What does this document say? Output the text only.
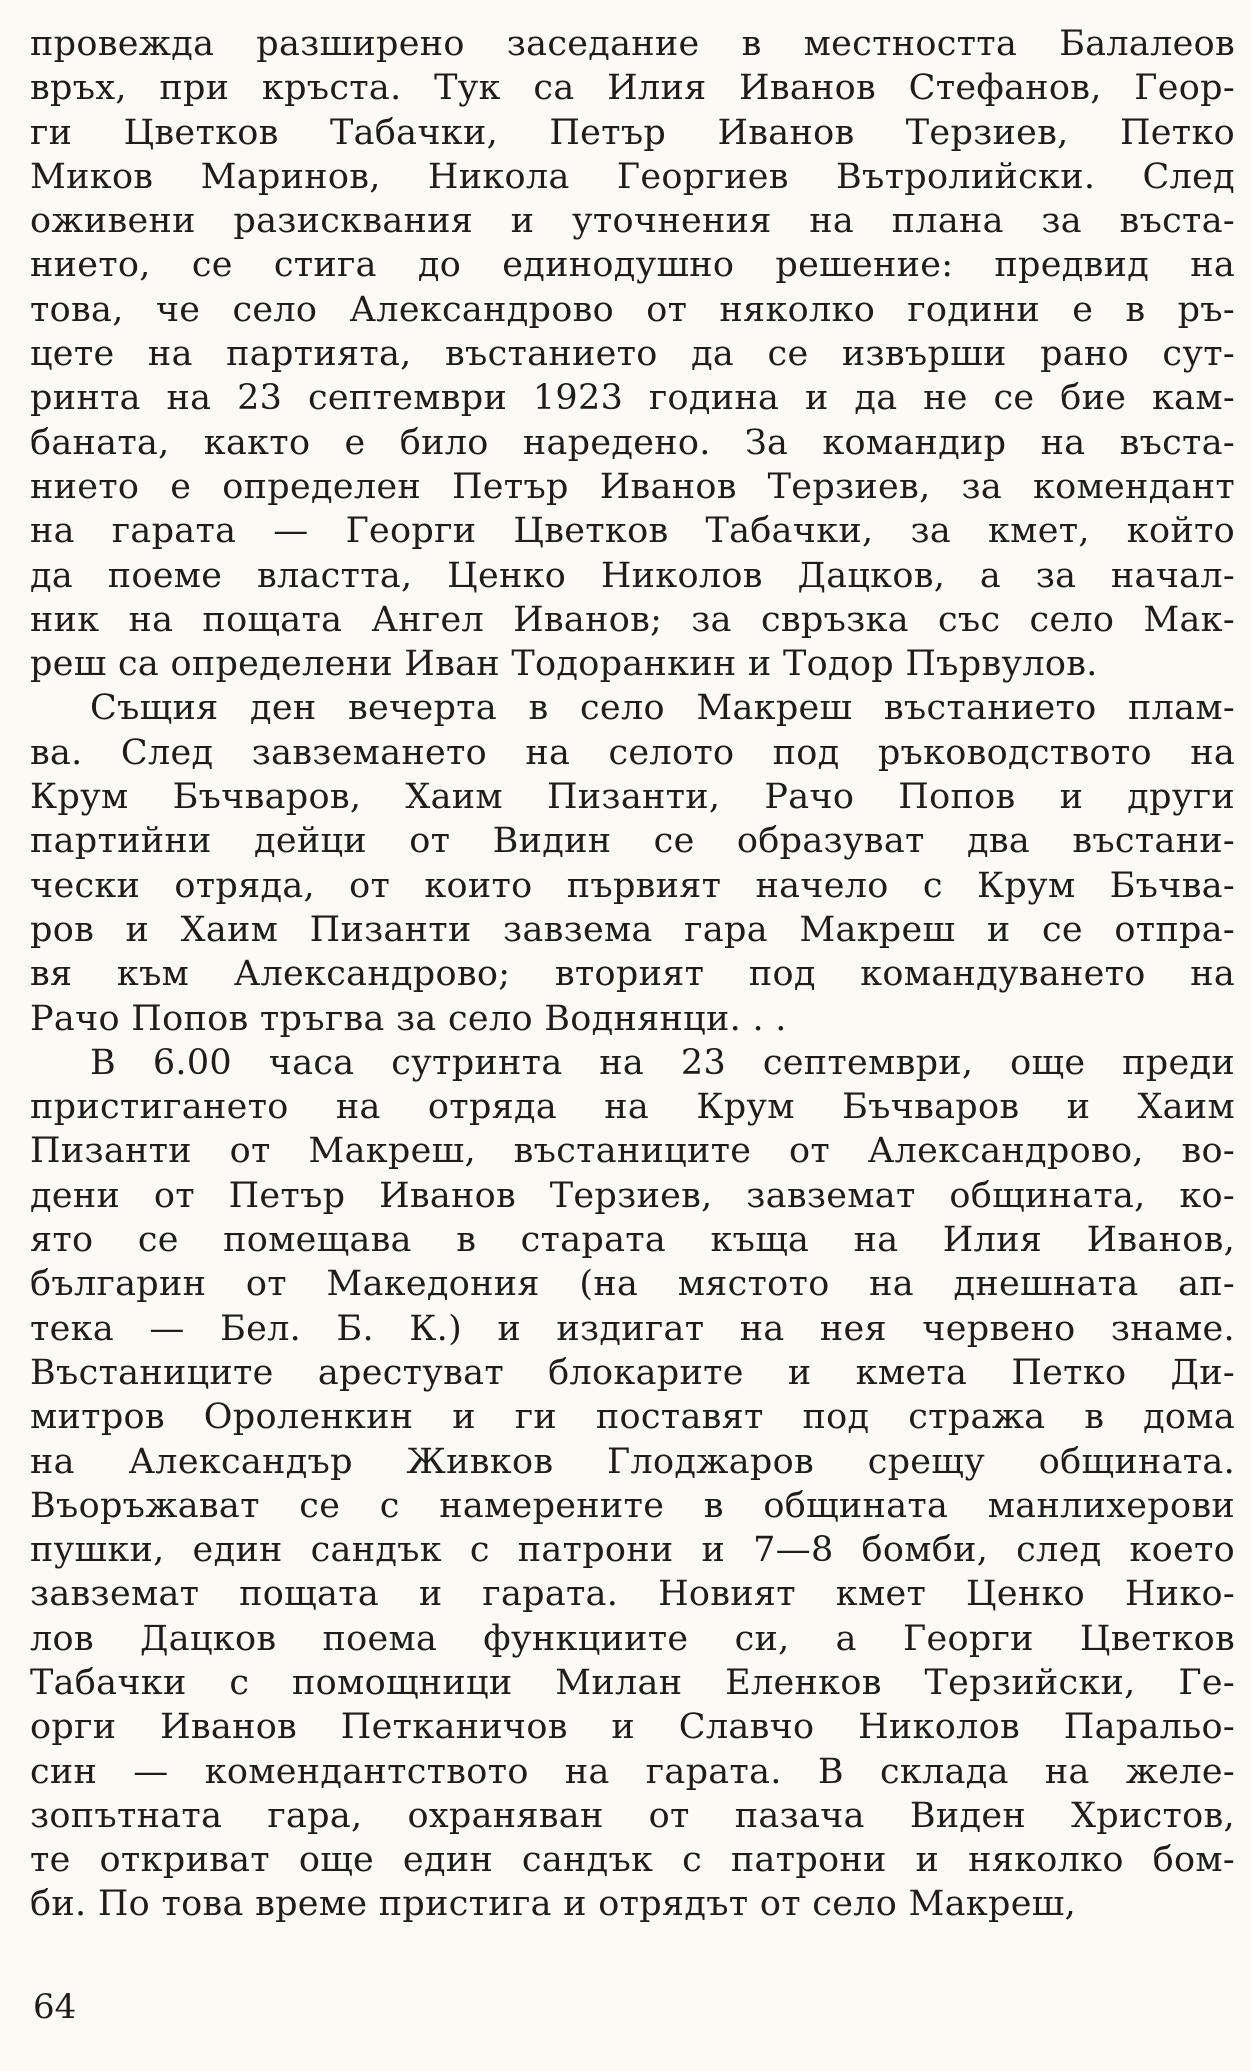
провежда разширено заседание в местността Балалеов
връх, при кръста. Тук са Илия Иванов Стефанов, Геор-
ги Цветков Табачки, Петър Иванов Терзиев, Петко
Миков Маринов, Никола Георгиев Вътролийски. След
оживени разисквания и уточнения на плана за въста-
нието, се стига до единодушно решение: предвид на
това, че село Александрово от няколко години е в ръ-
цете на партията, въстанието да се извърши рано сут-
ринта на 23 септември 1923 година и да не се бие кам-
баната, както е било наредено. За командир на въста-
нието е определен Петър Иванов Терзиев, за комендант
на гарата — Георги Цветков Табачки, за кмет, който
да поеме властта, Ценко Николов Дацков, а за начал-
ник на пощата Ангел Иванов; за свръзка със село Мак-
реш са определени Иван Тодоранкин и Тодор Първулов.
Същия ден вечерта в село Макреш въстанието плам-
ва. След завземането на селото под ръководството на
Крум Бъчваров, Хаим Пизанти, Рачо Попов и други
партийни дейци от Видин се образуват два въстани-
чески отряда, от които първият начело с Крум Бъчва-
ров и Хаим Пизанти завзема гара Макреш и се отпра-
вя към Александрово; вторият под командуването на
Рачо Попов тръгва за село Воднянци. . .
В 6.00 часа сутринта на 23 септември, още преди
пристигането на отряда на Крум Бъчваров и Хаим
Пизанти от Макреш, въстаниците от Александрово, во-
дени от Петър Иванов Терзиев, завземат общината, ко-
ято се помещава в старата къща на Илия Иванов,
българин от Македония (на мястото на днешната ап-
тека — Бел. Б. К.) и издигат на нея червено знаме.
Въстаниците арестуват блокарите и кмета Петко Ди-
митров Ороленкин и ги поставят под стража в дома
на Александър Живков Глоджаров срещу общината.
Въоръжават се с намерените в общината манлихерови
пушки, един сандък с патрони и 7—8 бомби, след което
завземат пощата и гарата. Новият кмет Ценко Нико-
лов Дацков поема функциите си, а Георги Цветков
Табачки с помощници Милан Еленков Терзийски, Ге-
орги Иванов Петканичов и Славчо Николов Паральо-
син — комендантството на гарата. В склада на желе-
зопътната гара, охраняван от пазача Виден Христов,
те откриват още един сандък с патрони и няколко бом-
би. По това време пристига и отрядът от село Макреш,
64
